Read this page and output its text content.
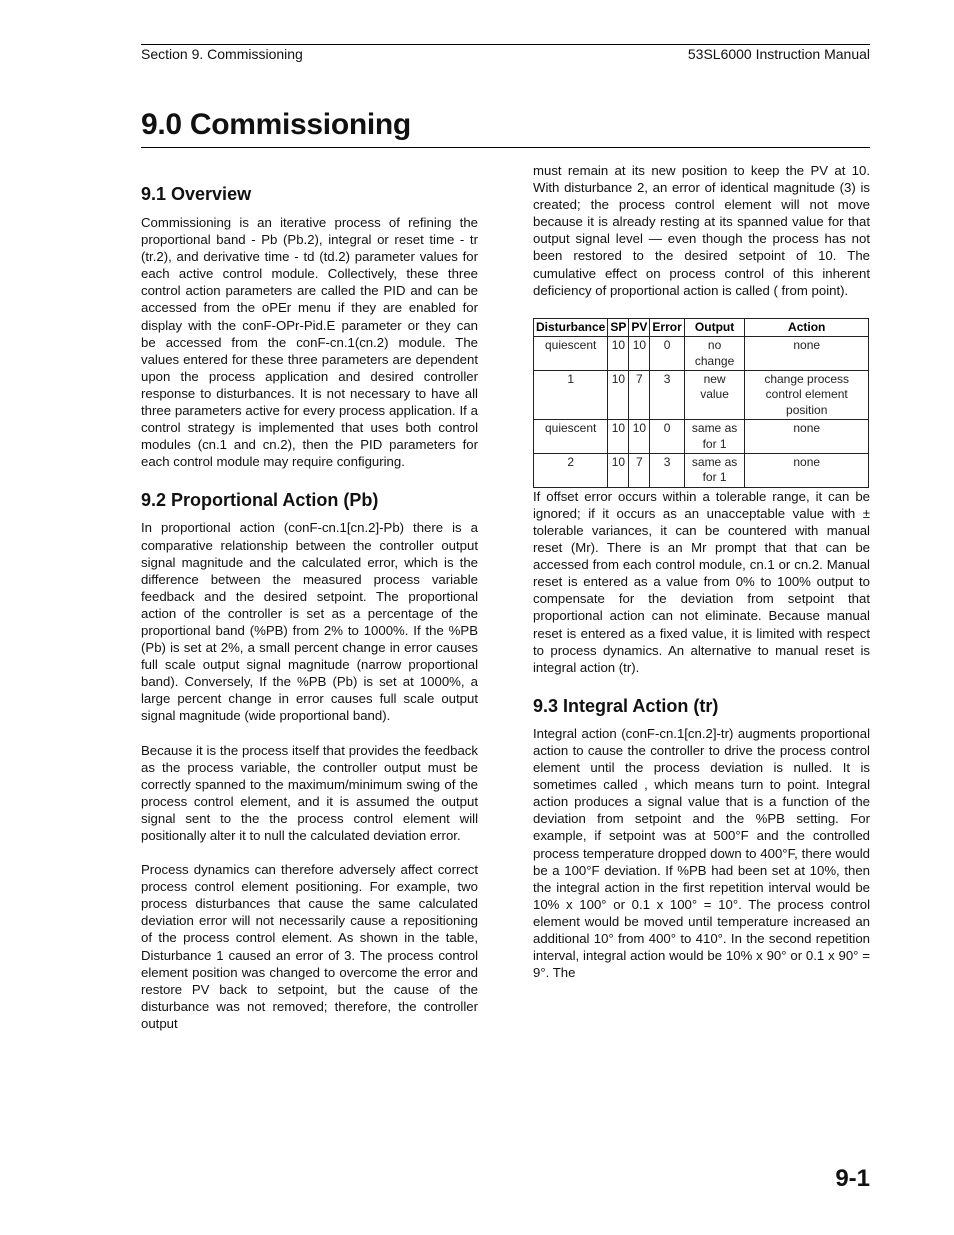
Section 9. Commissioning	53SL6000 Instruction Manual
9.0 Commissioning
9.1 Overview

Commissioning is an iterative process of refining the proportional band - Pb (Pb.2), integral or reset time - tr (tr.2), and derivative time - td (td.2) parameter values for each active control module. Collectively, these three control action parameters are called the PID and can be accessed from the oPEr menu if they are enabled for display with the conF-OPr-Pid.E parameter or they can be accessed from the conF-cn.1(cn.2) module. The values entered for these three parameters are dependent upon the process application and desired controller response to disturbances. It is not necessary to have all three parameters active for every process application. If a control strategy is implemented that uses both control modules (cn.1 and cn.2), then the PID parameters for each control module may require configuring.

9.2 Proportional Action (Pb)

In proportional action (conF-cn.1[cn.2]-Pb) there is a comparative relationship between the controller output signal magnitude and the calculated error, which is the difference between the measured process variable feedback and the desired setpoint. The proportional action of the controller is set as a percentage of the proportional band (%PB) from 2% to 1000%. If the %PB (Pb) is set at 2%, a small percent change in error causes full scale output signal magnitude (narrow proportional band). Conversely, If the %PB (Pb) is set at 1000%, a large percent change in error causes full scale output signal magnitude (wide proportional band).

Because it is the process itself that provides the feedback as the process variable, the controller output must be correctly spanned to the maximum/minimum swing of the process control element, and it is assumed the output signal sent to the the process control element will positionally alter it to null the calculated deviation error.

Process dynamics can therefore adversely affect correct process control element positioning. For example, two process disturbances that cause the same calculated deviation error will not necessarily cause a repositioning of the process control element. As shown in the table, Disturbance 1 caused an error of 3. The process control element position was changed to overcome the error and restore PV back to setpoint, but the cause of the disturbance was not removed; therefore, the controller output

must remain at its new position to keep the PV at 10. With disturbance 2, an error of identical magnitude (3) is created; the process control element will not move because it is already resting at its spanned value for that output signal level — even though the process has not been restored to the desired setpoint of 10. The cumulative effect on process control of this inherent deficiency of proportional action is called ( from point).

Disturbance	SP	PV	Error	Output	Action
quiescent	10	10	0	no change	none
1	10	7	3	new value	change process control element position
quiescent	10	10	0	same as for 1	none
2	10	7	3	same as for 1	none

If offset error occurs within a tolerable range, it can be ignored; if it occurs as an unacceptable value with ± tolerable variances, it can be countered with manual reset (Mr). There is an Mr prompt that that can be accessed from each control module, cn.1 or cn.2. Manual reset is entered as a value from 0% to 100% output to compensate for the deviation from setpoint that proportional action can not eliminate. Because manual reset is entered as a fixed value, it is limited with respect to process dynamics. An alternative to manual reset is integral action (tr).

9.3 Integral Action (tr)

Integral action (conF-cn.1[cn.2]-tr) augments proportional action to cause the controller to drive the process control element until the process deviation is nulled. It is sometimes called , which means turn to point. Integral action produces a signal value that is a function of the deviation from setpoint and the %PB setting. For example, if setpoint was at 500°F and the controlled process temperature dropped down to 400°F, there would be a 100°F deviation. If %PB had been set at 10%, then the integral action in the first repetition interval would be 10% x 100° or 0.1 x 100° = 10°. The process control element would be moved until temperature increased an additional 10° from 400° to 410°. In the second repetition interval, integral action would be 10% x 90° or 0.1 x 90° = 9°. The

9-1
